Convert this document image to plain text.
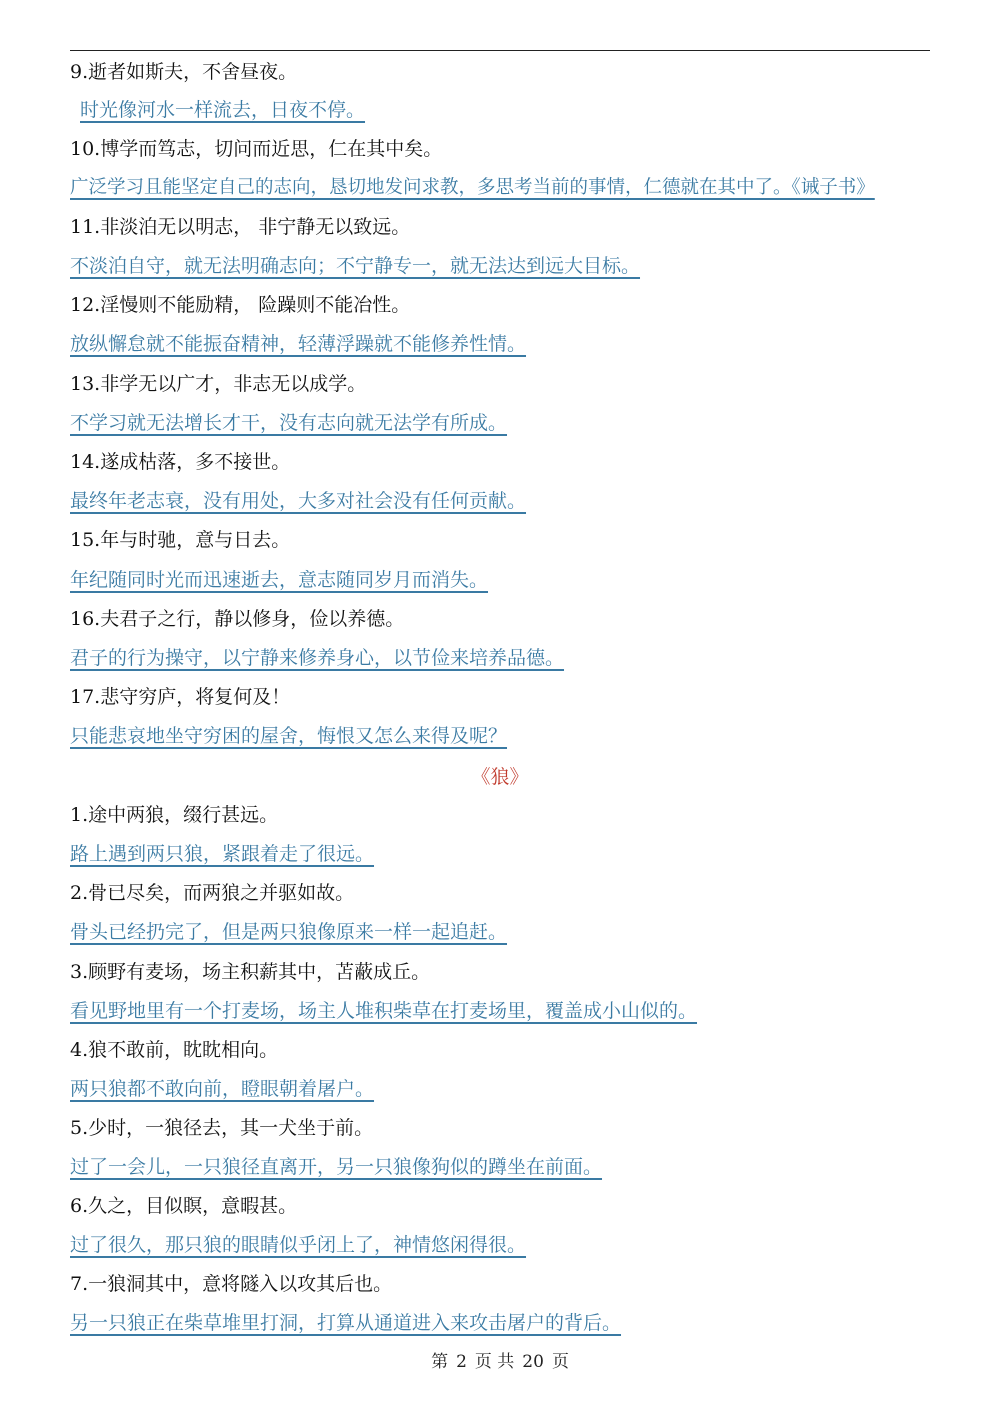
9.逝者如斯夫，不舍昼夜。
时光像河水一样流去，日夜不停。
10.博学而笃志，切问而近思，仁在其中矣。
广泛学习且能坚定自己的志向，恳切地发问求教，多思考当前的事情，仁德就在其中了。《诫子书》
11.非淡泊无以明志， 非宁静无以致远。
不淡泊自守，就无法明确志向；不宁静专一，就无法达到远大目标。
12.淫慢则不能励精， 险躁则不能冶性。
放纵懈怠就不能振奋精神，轻薄浮躁就不能修养性情。
13.非学无以广才，非志无以成学。
不学习就无法增长才干，没有志向就无法学有所成。
14.遂成枯落，多不接世。
最终年老志衰，没有用处，大多对社会没有任何贡献。
15.年与时驰，意与日去。
年纪随同时光而迅速逝去，意志随同岁月而消失。
16.夫君子之行，静以修身，俭以养德。
君子的行为操守，以宁静来修养身心，以节俭来培养品德。
17.悲守穷庐，将复何及！
只能悲哀地坐守穷困的屋舍，悔恨又怎么来得及呢？
《狼》
1.途中两狼，缀行甚远。
路上遇到两只狼，紧跟着走了很远。
2.骨已尽矣，而两狼之并驱如故。
骨头已经扔完了，但是两只狼像原来一样一起追赶。
3.顾野有麦场，场主积薪其中，苫蔽成丘。
看见野地里有一个打麦场，场主人堆积柴草在打麦场里，覆盖成小山似的。
4.狼不敢前，眈眈相向。
两只狼都不敢向前，瞪眼朝着屠户。
5.少时，一狼径去，其一犬坐于前。
过了一会儿，一只狼径直离开，另一只狼像狗似的蹲坐在前面。
6.久之，目似瞑，意暇甚。
过了很久，那只狼的眼睛似乎闭上了，神情悠闲得很。
7.一狼洞其中，意将隧入以攻其后也。
另一只狼正在柴草堆里打洞，打算从通道进入来攻击屠户的背后。
第 2 页 共 20 页
